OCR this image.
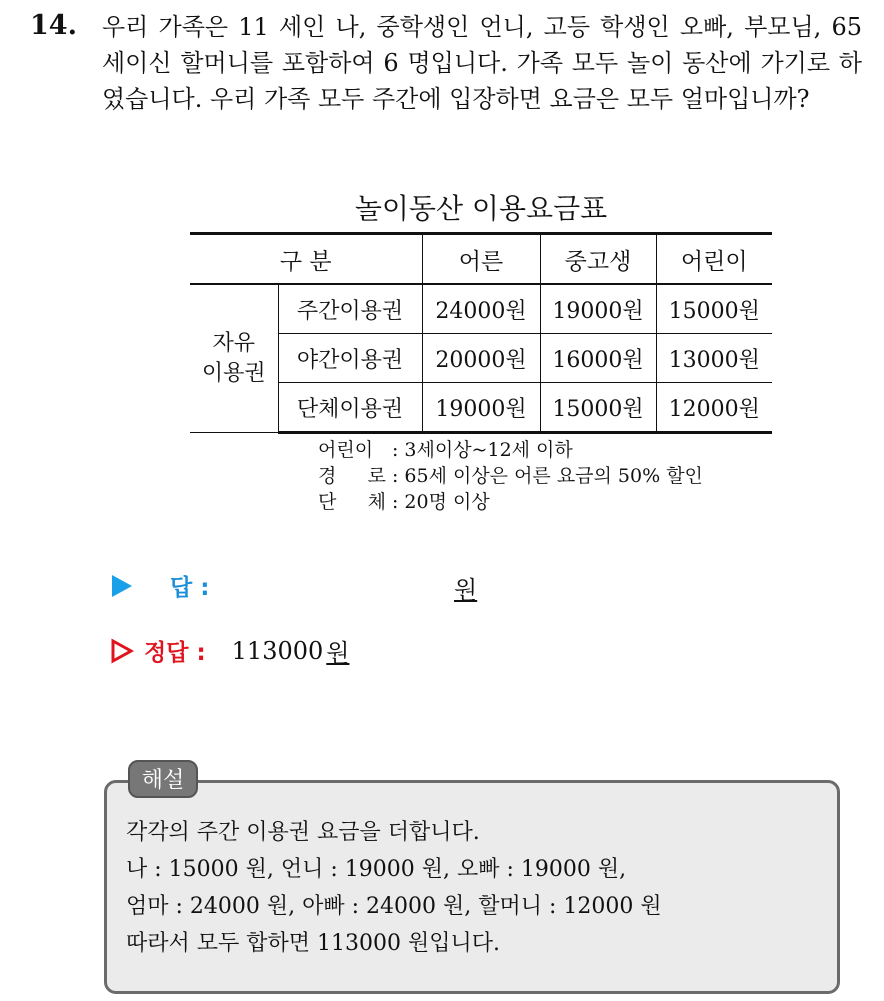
14. 우리 가족은 11 세인 나, 중학생인 언니, 고등 학생인 오빠, 부모님, 65 세이신 할머니를 포함하여 6 명입니다. 가족 모두 놀이 동산에 가기로 하였습니다. 우리 가족 모두 주간에 입장하면 요금은 모두 얼마입니까?
놀이동산 이용요금표
구 분		어른	중고생	어린이
자유
이용권	주간이용권	24000원	19000원	15000원
	야간이용권	20000원	16000원	13000원
	단체이용권	19000원	15000원	12000원
어린이 : 3세이상~12세 이하
경 로 : 65세 이상은 어른 요금의 50% 할인
단 체 : 20명 이상
답 :	원
정답 : 113000 원
해설
각각의 주간 이용권 요금을 더합니다.
나 : 15000 원, 언니 : 19000 원, 오빠 : 19000 원,
엄마 : 24000 원, 아빠 : 24000 원, 할머니 : 12000 원
따라서 모두 합하면 113000 원입니다.
